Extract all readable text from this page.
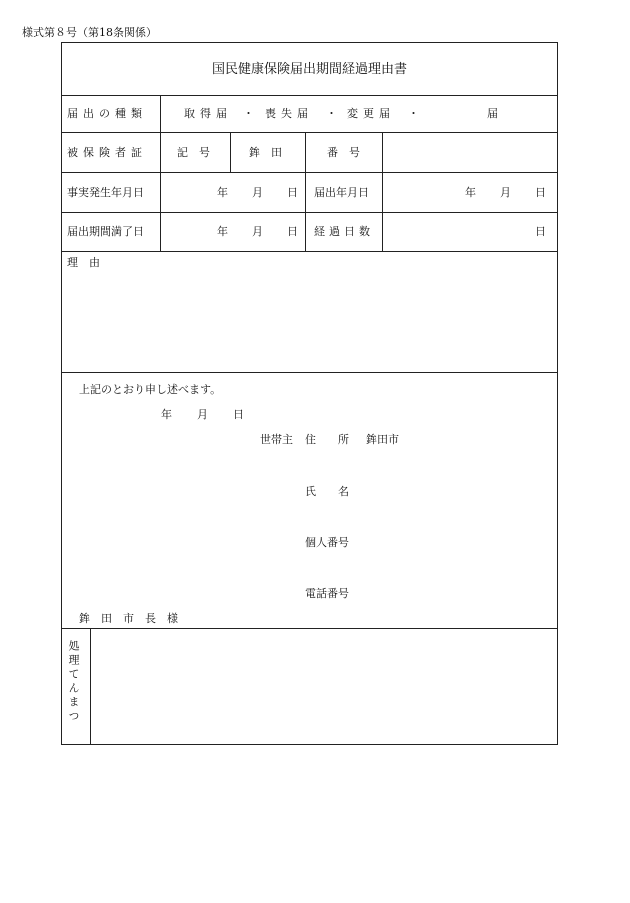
様式第８号（第18条関係）
国民健康保険届出期間経過理由書
届出の種類	取得届 ・ 喪失届 ・ 変更届 ・	届
被保険者証	記　号	鉾　田	番　号
事実発生年月日	年 月 日 届出年月日	年 月 日
届出期間満了日	年 月 日 経過日数	日
理　由
上記のとおり申し述べます。
年 月 日
世帯主 住　　所 鉾田市
氏　　名
個人番号
電話番号
鉾　田　市　長　様
処理てんまつ
